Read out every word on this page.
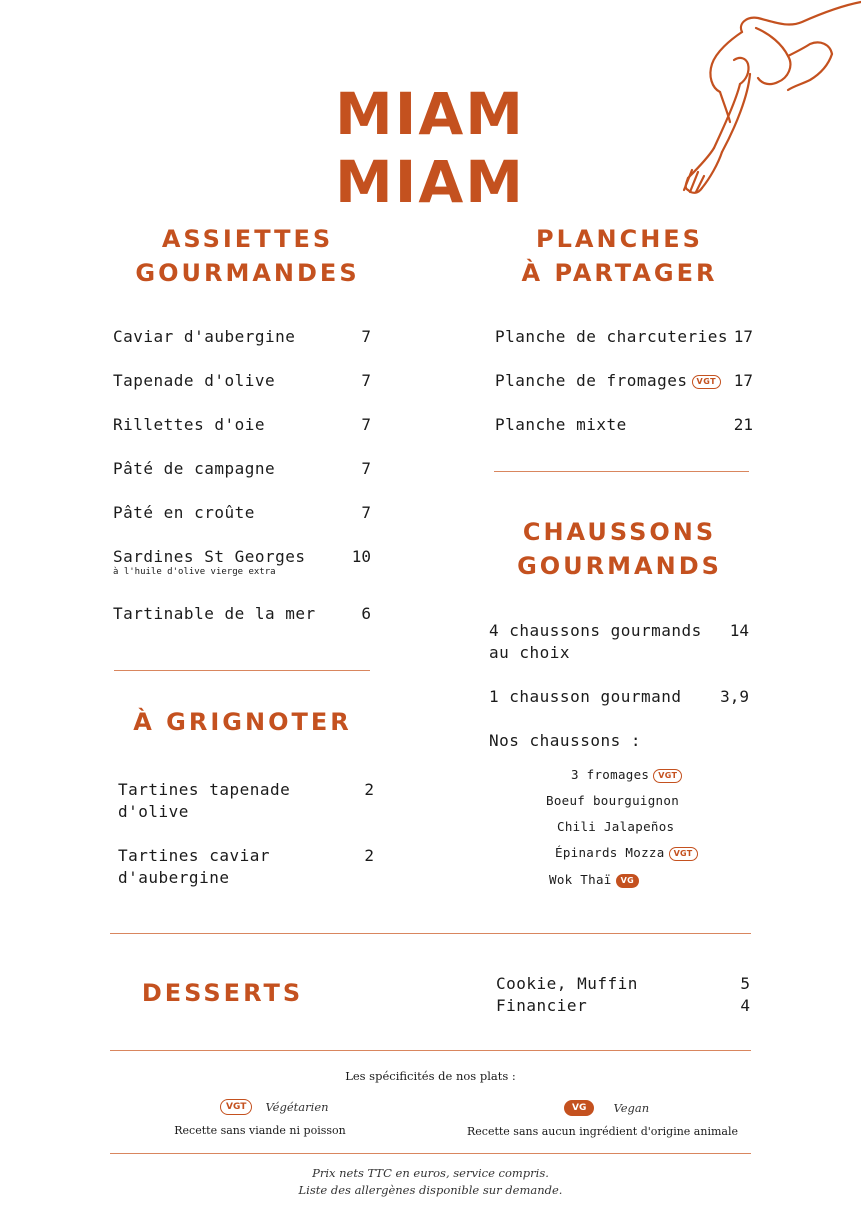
MIAM MIAM
ASSIETTES
GOURMANDES
Caviar d'aubergine	7
Tapenade d'olive	7
Rillettes d'oie	7
Pâté de campagne	7
Pâté en croûte	7
Sardines St Georges	10
à l'huile d'olive vierge extra
Tartinable de la mer	6
À GRIGNOTER
Tartines tapenade
d'olive
2
Tartines caviar
d'aubergine
2
PLANCHES
À PARTAGER
Planche de charcuteries 17
Planche de fromages VGT	17
Planche mixte	21
CHAUSSONS
GOURMANDS
4 chaussons gourmands
au choix
14
1 chausson gourmand	3,9
Nos chaussons :
3 fromages VGT
Boeuf bourguignon
Chili Jalapeños
Épinards Mozza VGT
Wok Thaï VG
DESSERTS	Cookie, Muffin	5
Financier	4
Les spécificités de nos plats :
VGT Végétarien
Recette sans viande ni poisson
VG Vegan
Recette sans aucun ingrédient d'origine animale
Prix nets TTC en euros, service compris.
Liste des allergènes disponible sur demande.
